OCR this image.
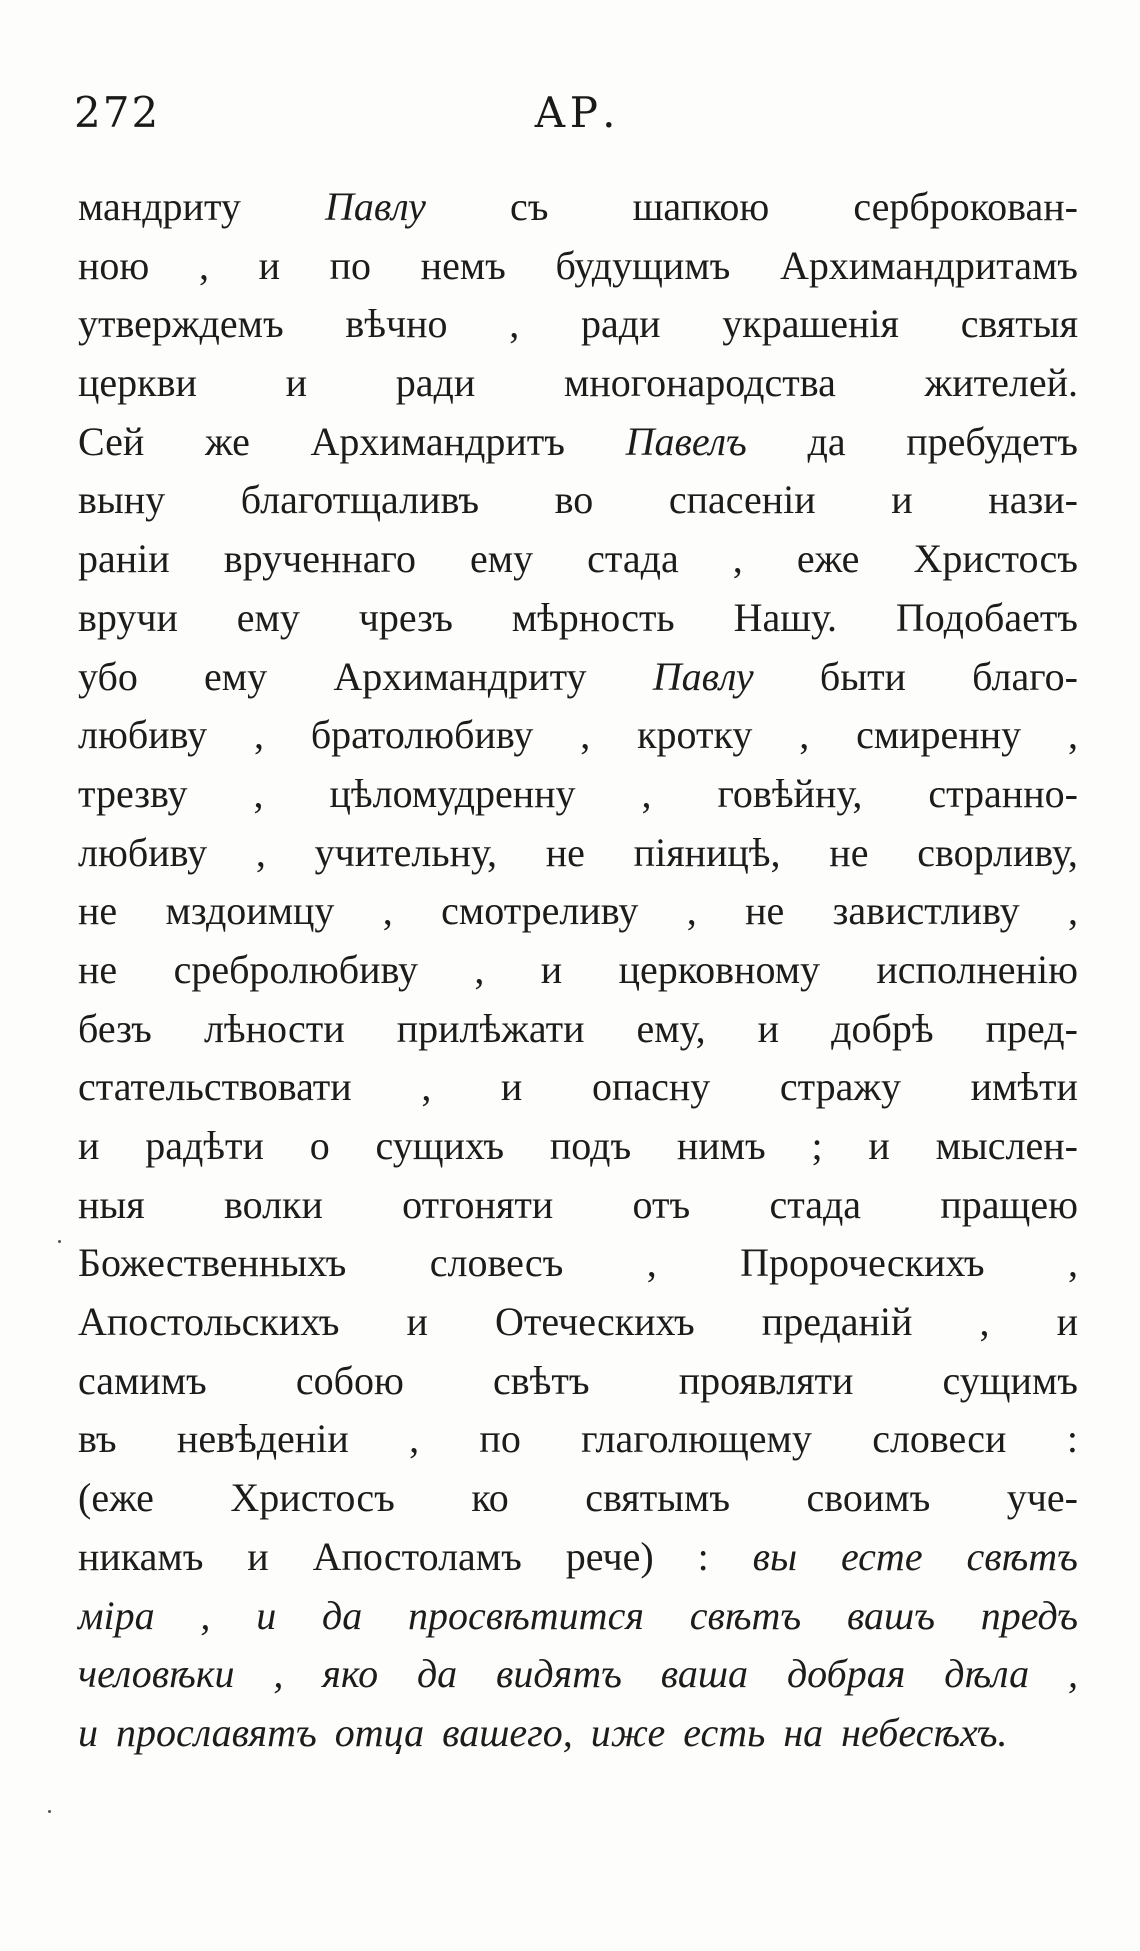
272	АР.
мандриту Павлу съ шапкою серброкован-
ною , и по немъ будущимъ Архимандритамъ
утверждемъ вѣчно , ради украшенія святыя
церкви и ради многонародства жителей.
Сей же Архимандритъ Павелъ да пребудетъ
выну благотщаливъ во спасеніи и нази-
раніи врученнаго ему стада , еже Христосъ
вручи ему чрезъ мѣрность Нашу. Подобаетъ
убо ему Архимандриту Павлу быти благо-
любиву , братолюбиву , кротку , смиренну ,
трезву , цѣломудренну , говѣйну, странно-
любиву , учительну, не піяницѣ, не сворливу,
не мздоимцу , смотреливу , не завистливу ,
не сребролюбиву , и церковному исполненію
безъ лѣности прилѣжати ему, и добрѣ пред-
стательствовати , и опасну стражу имѣти
и радѣти о сущихъ подъ нимъ ; и мыслен-
ныя волки отгоняти отъ стада пращею
Божественныхъ словесъ , Пророческихъ ,
Апостольскихъ и Отеческихъ преданій , и
самимъ собою свѣтъ проявляти сущимъ
въ невѣденіи , по глаголющему словеси :
(еже Христосъ ко святымъ своимъ уче-
никамъ и Апостоламъ рече) : вы есте свѣтъ
міра , и да просвѣтится свѣтъ вашъ предъ
человѣки , яко да видятъ ваша добрая дѣла ,
и прославятъ отца вашего, иже есть на небесѣхъ.
